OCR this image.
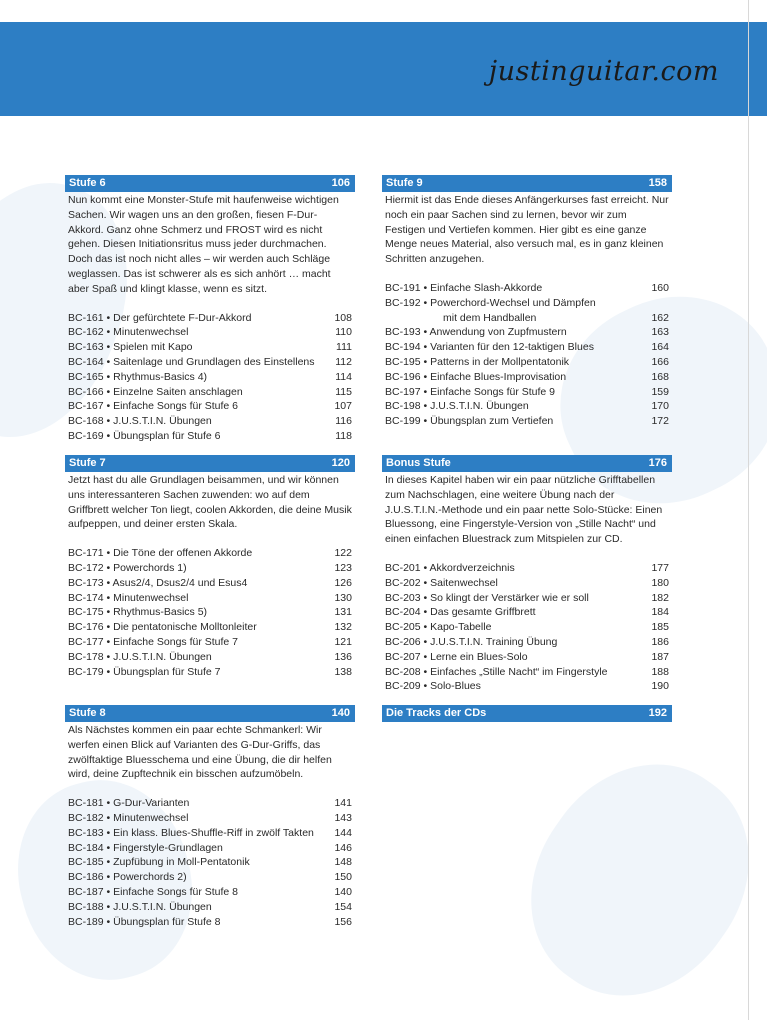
justinguitar.com
Stufe 6	106
Nun kommt eine Monster-Stufe mit haufenweise wichtigen Sachen. Wir wagen uns an den großen, fiesen F-Dur-Akkord. Ganz ohne Schmerz und FROST wird es nicht gehen. Diesen Initiationsritus muss jeder durchmachen. Doch das ist noch nicht alles – wir werden auch Schläge weglassen. Das ist schwerer als es sich anhört … macht aber Spaß und klingt klasse, wenn es sitzt.
BC-161 • Der gefürchtete F-Dur-Akkord	108
BC-162 • Minutenwechsel	110
BC-163 • Spielen mit Kapo	111
BC-164 • Saitenlage und Grundlagen des Einstellens 112
BC-165 • Rhythmus-Basics 4)	114
BC-166 • Einzelne Saiten anschlagen	115
BC-167 • Einfache Songs für Stufe 6	107
BC-168 • J.U.S.T.I.N. Übungen	116
BC-169 • Übungsplan für Stufe 6	118
Stufe 7	120
Jetzt hast du alle Grundlagen beisammen, und wir können uns interessanteren Sachen zuwenden: wo auf dem Griffbrett welcher Ton liegt, coolen Akkorden, die deine Musik aufpeppen, und deiner ersten Skala.
BC-171 • Die Töne der offenen Akkorde	122
BC-172 • Powerchords 1)	123
BC-173 • Asus2/4, Dsus2/4 und Esus4	126
BC-174 • Minutenwechsel	130
BC-175 • Rhythmus-Basics 5)	131
BC-176 • Die pentatonische Molltonleiter	132
BC-177 • Einfache Songs für Stufe 7	121
BC-178 • J.U.S.T.I.N. Übungen	136
BC-179 • Übungsplan für Stufe 7	138
Stufe 8	140
Als Nächstes kommen ein paar echte Schmankerl: Wir werfen einen Blick auf Varianten des G-Dur-Griffs, das zwölftaktige Bluesschema und eine Übung, die dir helfen wird, deine Zupftechnik ein bisschen aufzumöbeln.
BC-181 • G-Dur-Varianten	141
BC-182 • Minutenwechsel	143
BC-183 • Ein klass. Blues-Shuffle-Riff in zwölf Takten 144
BC-184 • Fingerstyle-Grundlagen	146
BC-185 • Zupfübung in Moll-Pentatonik	148
BC-186 • Powerchords 2)	150
BC-187 • Einfache Songs für Stufe 8	140
BC-188 • J.U.S.T.I.N. Übungen	154
BC-189 • Übungsplan für Stufe 8	156
Stufe 9	158
Hiermit ist das Ende dieses Anfängerkurses fast erreicht. Nur noch ein paar Sachen sind zu lernen, bevor wir zum Festigen und Vertiefen kommen. Hier gibt es eine ganze Menge neues Material, also versuch mal, es in ganz kleinen Schritten anzugehen.
BC-191 • Einfache Slash-Akkorde	160
BC-192 • Powerchord-Wechsel und Dämpfen
mit dem Handballen	162
BC-193 • Anwendung von Zupfmustern	163
BC-194 • Varianten für den 12-taktigen Blues	164
BC-195 • Patterns in der Mollpentatonik	166
BC-196 • Einfache Blues-Improvisation	168
BC-197 • Einfache Songs für Stufe 9	159
BC-198 • J.U.S.T.I.N. Übungen	170
BC-199 • Übungsplan zum Vertiefen	172
Bonus Stufe	176
In dieses Kapitel haben wir ein paar nützliche Grifftabellen zum Nachschlagen, eine weitere Übung nach der J.U.S.T.I.N.-Methode und ein paar nette Solo-Stücke: Einen Bluessong, eine Fingerstyle-Version von „Stille Nacht“ und einen einfachen Bluestrack zum Mitspielen zur CD.
BC-201 • Akkordverzeichnis	177
BC-202 • Saitenwechsel	180
BC-203 • So klingt der Verstärker wie er soll	182
BC-204 • Das gesamte Griffbrett	184
BC-205 • Kapo-Tabelle	185
BC-206 • J.U.S.T.I.N. Training Übung	186
BC-207 • Lerne ein Blues-Solo	187
BC-208 • Einfaches „Stille Nacht“ im Fingerstyle	188
BC-209 • Solo-Blues	190
Die Tracks der CDs	192
